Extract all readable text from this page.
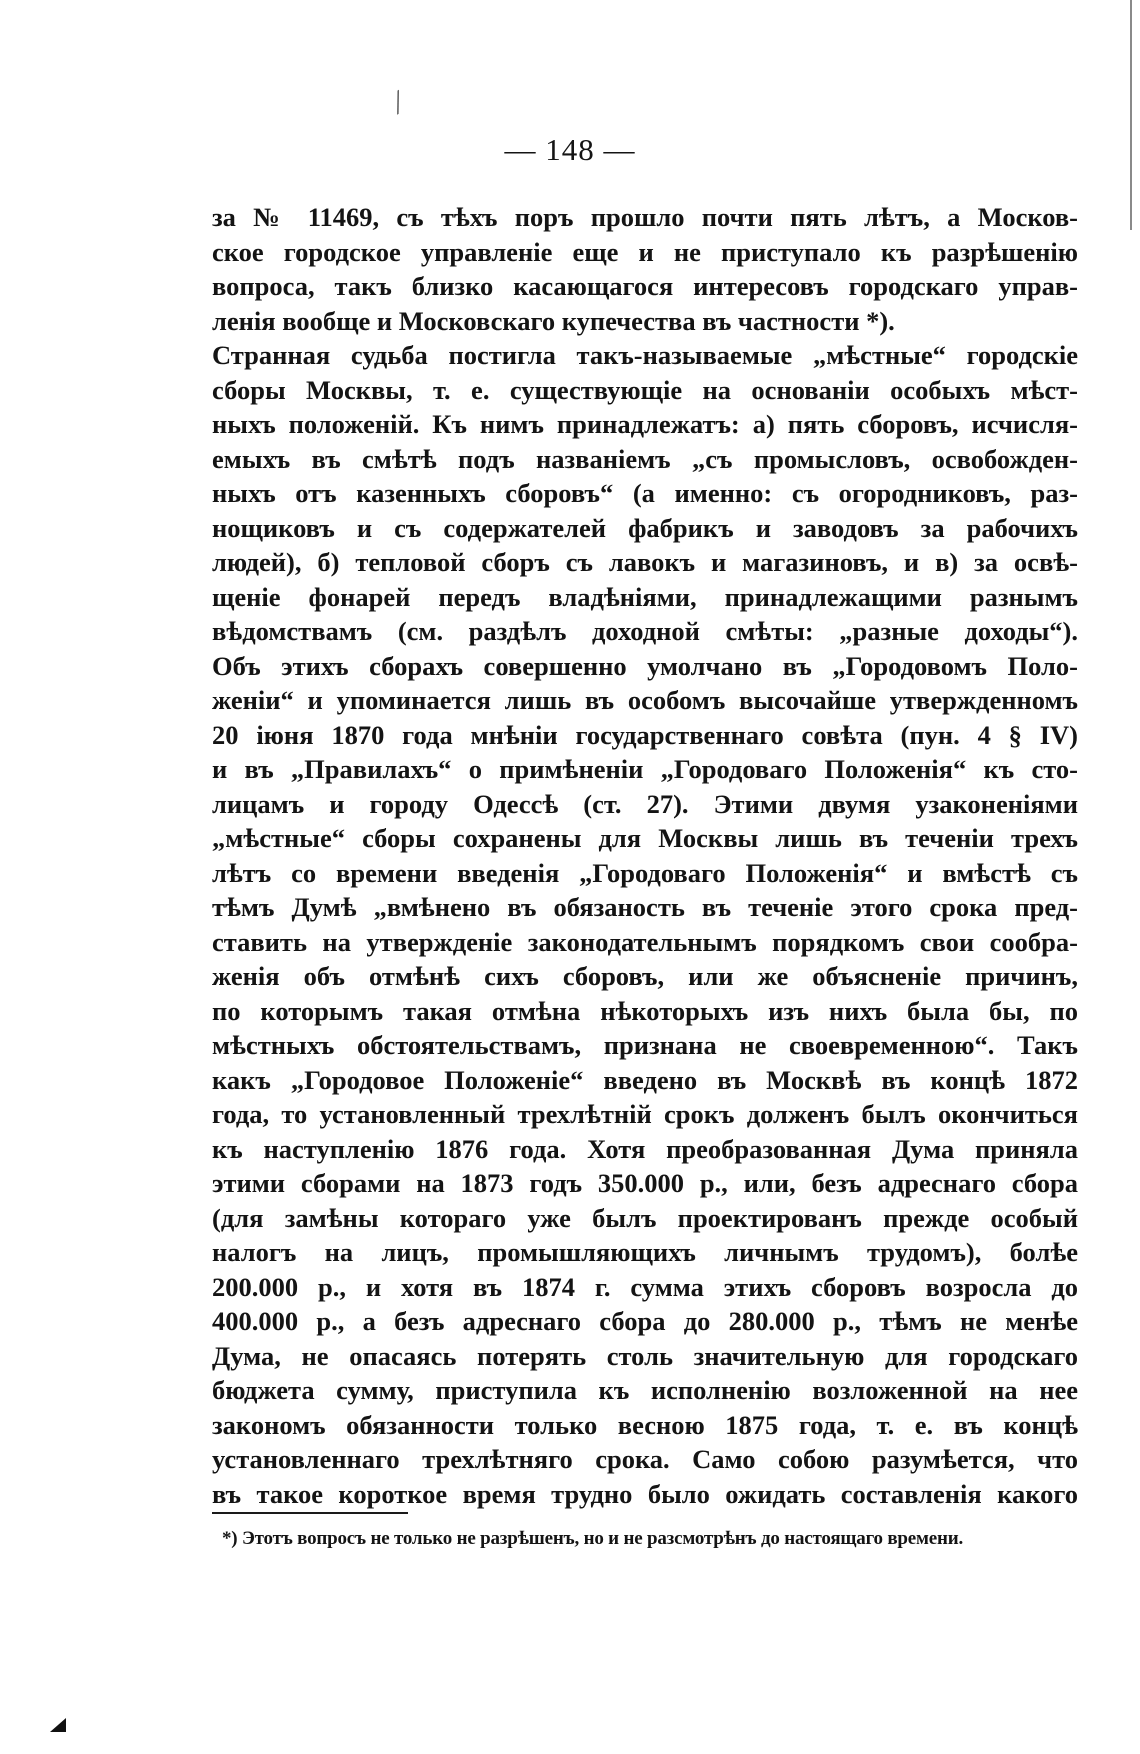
⁄
— 148 —
за № 11469, съ тѣхъ поръ прошло почти пять лѣтъ, а Москов-
ское городское управленіе еще и не приступало къ разрѣшенію
вопроса, такъ близко касающагося интересовъ городскаго управ-
ленія вообще и Московскаго купечества въ частности *).
Странная судьба постигла такъ-называемые „мѣстные“ городскіе
сборы Москвы, т. е. существующіе на основаніи особыхъ мѣст-
ныхъ положеній. Къ нимъ принадлежатъ: а) пять сборовъ, исчисля-
емыхъ въ смѣтѣ подъ названіемъ „съ промысловъ, освобожден-
ныхъ отъ казенныхъ сборовъ“ (а именно: съ огородниковъ, раз-
нощиковъ и съ содержателей фабрикъ и заводовъ за рабочихъ
людей), б) тепловой сборъ съ лавокъ и магазиновъ, и в) за освѣ-
щеніе фонарей передъ владѣніями, принадлежащими разнымъ
вѣдомствамъ (см. раздѣлъ доходной смѣты: „разные доходы“).
Объ этихъ сборахъ совершенно умолчано въ „Городовомъ Поло-
женіи“ и упоминается лишь въ особомъ высочайше утвержденномъ
20 іюня 1870 года мнѣніи государственнаго совѣта (пун. 4 § IV)
и въ „Правилахъ“ о примѣненіи „Городоваго Положенія“ къ сто-
лицамъ и городу Одессѣ (ст. 27). Этими двумя узаконеніями
„мѣстные“ сборы сохранены для Москвы лишь въ теченіи трехъ
лѣтъ со времени введенія „Городоваго Положенія“ и вмѣстѣ съ
тѣмъ Думѣ „вмѣнено въ обязаность въ теченіе этого срока пред-
ставить на утвержденіе законодательнымъ порядкомъ свои сообра-
женія объ отмѣнѣ сихъ сборовъ, или же объясненіе причинъ,
по которымъ такая отмѣна нѣкоторыхъ изъ нихъ была бы, по
мѣстныхъ обстоятельствамъ, признана не своевременною“. Такъ
какъ „Городовое Положеніе“ введено въ Москвѣ въ концѣ 1872
года, то установленный трехлѣтній срокъ долженъ былъ окончиться
къ наступленію 1876 года. Хотя преобразованная Дума приняла
этими сборами на 1873 годъ 350.000 р., или, безъ адреснаго сбора
(для замѣны котораго уже былъ проектированъ прежде особый
налогъ на лицъ, промышляющихъ личнымъ трудомъ), болѣе
200.000 р., и хотя въ 1874 г. сумма этихъ сборовъ возросла до
400.000 р., а безъ адреснаго сбора до 280.000 р., тѣмъ не менѣе
Дума, не опасаясь потерять столь значительную для городскаго
бюджета сумму, приступила къ исполненію возложенной на нее
закономъ обязанности только весною 1875 года, т. е. въ концѣ
установленнаго трехлѣтняго срока. Само собою разумѣется, что
въ такое короткое время трудно было ожидать составленія какого
*) Этотъ вопросъ не только не разрѣшенъ, но и не разсмотрѣнъ до настоящаго времени.
